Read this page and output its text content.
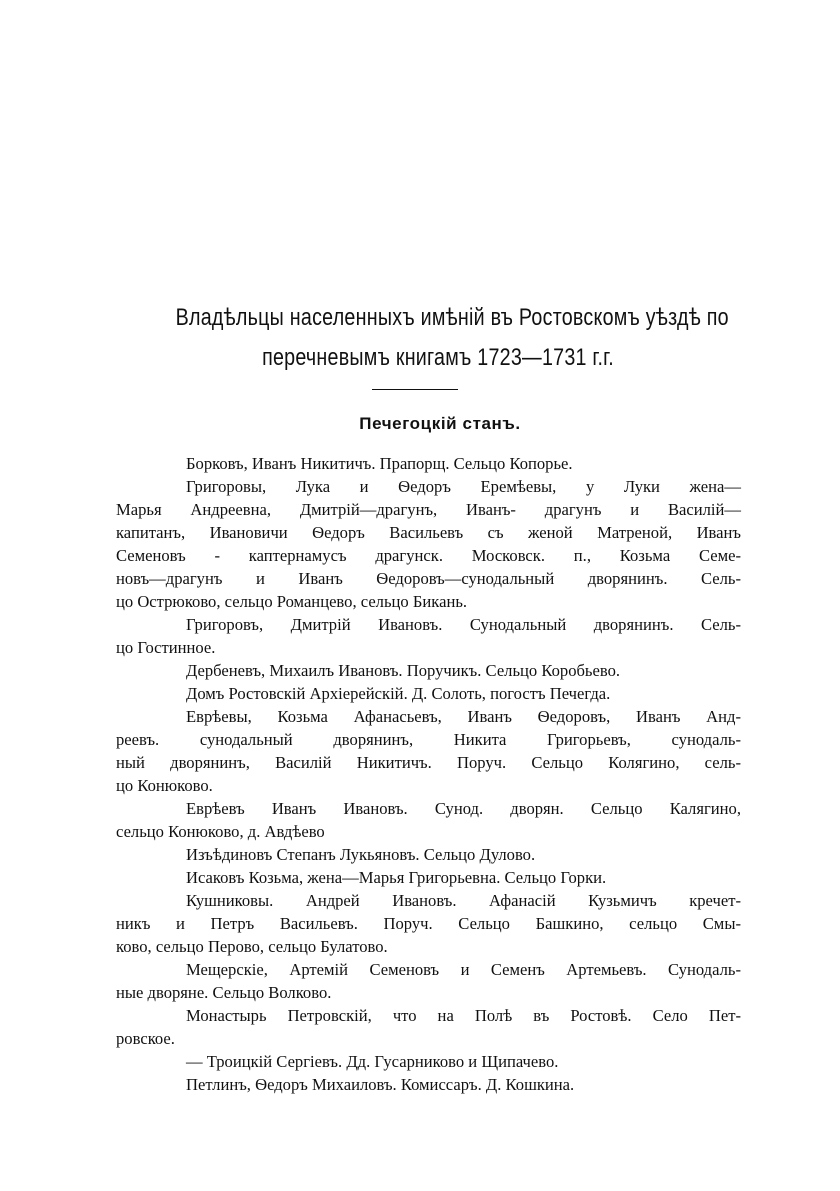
Владѣльцы населенныхъ имѣній въ Ростовскомъ уѣздѣ по
перечневымъ книгамъ 1723—1731 г.г.
Печегоцкій станъ.
Борковъ, Иванъ Никитичъ. Прапорщ. Сельцо Копорье.
Григоровы, Лука и Ѳедоръ Еремѣевы, у Луки жена—
Марья Андреевна, Дмитрій—драгунъ, Иванъ- драгунъ и Василій—
капитанъ, Ивановичи Ѳедоръ Васильевъ съ женой Матреной, Иванъ
Семеновъ - каптернамусъ драгунск. Московск. п., Козьма Семе-
новъ—драгунъ и Иванъ Ѳедоровъ—сунодальный дворянинъ. Сель-
цо Острюково, сельцо Романцево, сельцо Бикань.
Григоровъ, Дмитрій Ивановъ. Сунодальный дворянинъ. Сель-
цо Гостинное.
Дербеневъ, Михаилъ Ивановъ. Поручикъ. Сельцо Коробьево.
Домъ Ростовскій Архіерейскій. Д. Солоть, погостъ Печегда.
Еврѣевы, Козьма Афанасьевъ, Иванъ Ѳедоровъ, Иванъ Анд-
реевъ. сунодальный дворянинъ, Никита Григорьевъ, сунодаль-
ный дворянинъ, Василій Никитичъ. Поруч. Сельцо Колягино, сель-
цо Конюково.
Еврѣевъ Иванъ Ивановъ. Сунод. дворян. Сельцо Калягино,
сельцо Конюково, д. Авдѣево
Изъѣдиновъ Степанъ Лукьяновъ. Сельцо Дулово.
Исаковъ Козьма, жена—Марья Григорьевна. Сельцо Горки.
Кушниковы. Андрей Ивановъ. Афанасій Кузьмичъ кречет-
никъ и Петръ Васильевъ. Поруч. Сельцо Башкино, сельцо Смы-
ково, сельцо Перово, сельцо Булатово.
Мещерскіе, Артемій Семеновъ и Семенъ Артемьевъ. Сунодаль-
ные дворяне. Сельцо Волково.
Монастырь Петровскій, что на Полѣ въ Ростовѣ. Село Пет-
ровское.
— Троицкій Сергіевъ. Дд. Гусарниково и Щипачево.
Петлинъ, Ѳедоръ Михаиловъ. Комиссаръ. Д. Кошкина.
